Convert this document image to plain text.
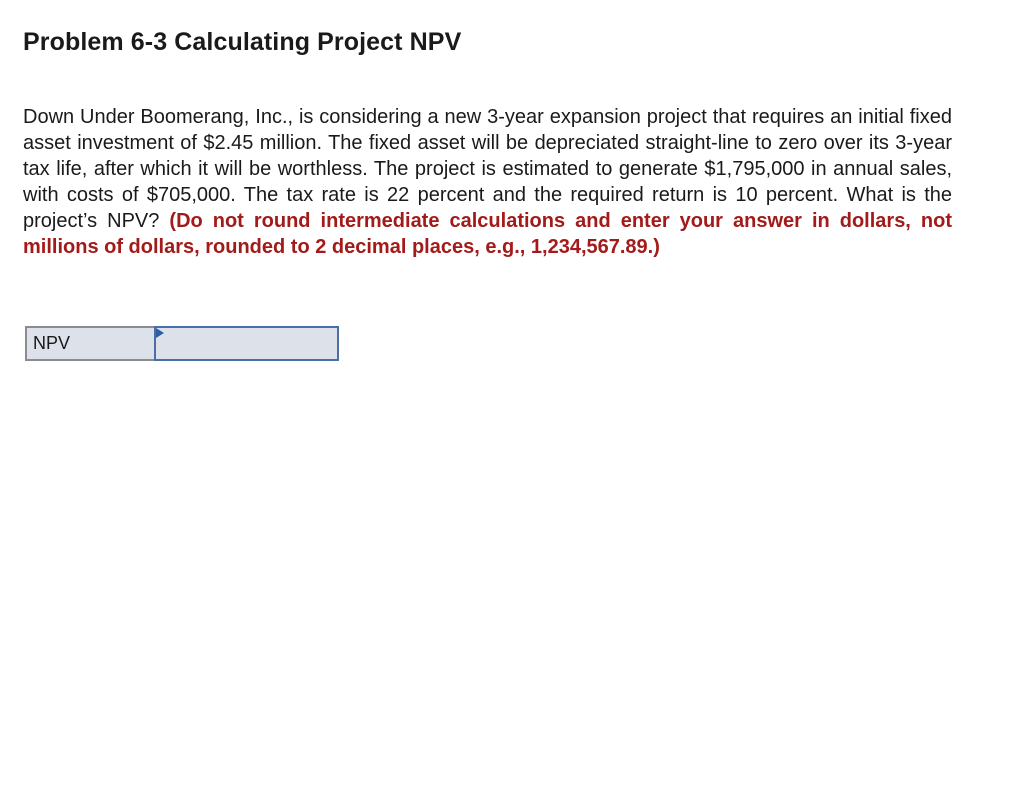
Problem 6-3 Calculating Project NPV

Down Under Boomerang, Inc., is considering a new 3-year expansion project that requires an initial fixed asset investment of $2.45 million. The fixed asset will be depreciated straight-line to zero over its 3-year tax life, after which it will be worthless. The project is estimated to generate $1,795,000 in annual sales, with costs of $705,000. The tax rate is 22 percent and the required return is 10 percent. What is the project’s NPV? (Do not round intermediate calculations and enter your answer in dollars, not millions of dollars, rounded to 2 decimal places, e.g., 1,234,567.89.)

NPV
